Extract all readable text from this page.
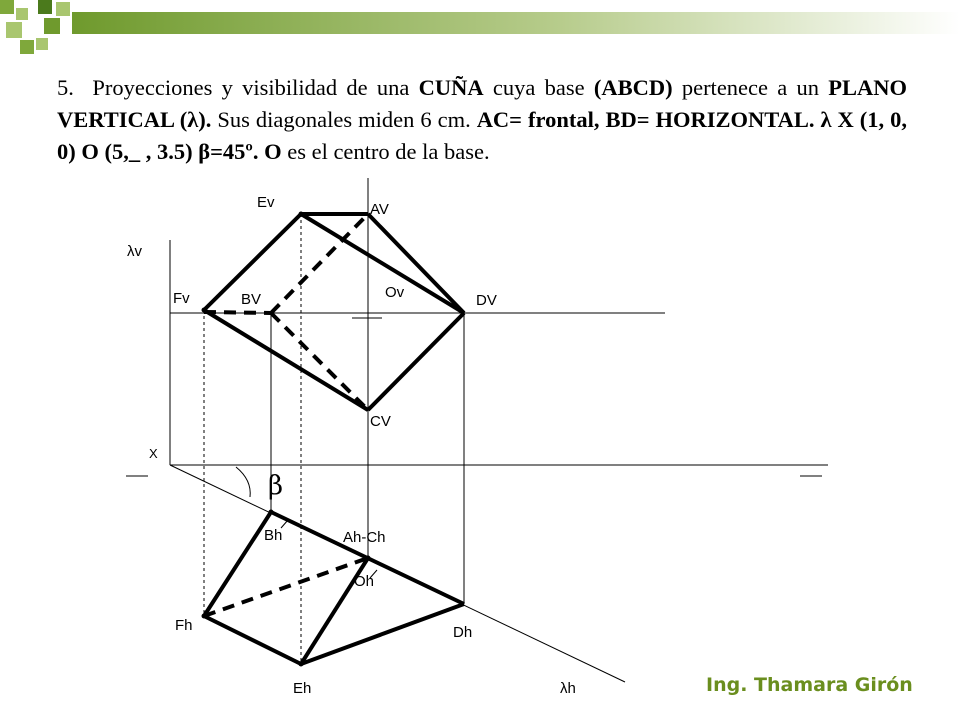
5. Proyecciones y visibilidad de una CUÑA cuya base (ABCD) pertenece a un PLANO VERTICAL (λ). Sus diagonales miden 6 cm. AC= frontal, BD= HORIZONTAL. λ X (1, 0, 0) O (5,_ , 3.5) β=45º. O es el centro de la base.
Ev	AV
λv
Ov
Fv	BV	DV
CV
X
β
Bh	Ah-Ch
Oh
Fh	Dh
Eh	λh	Ing. Thamara Girón
